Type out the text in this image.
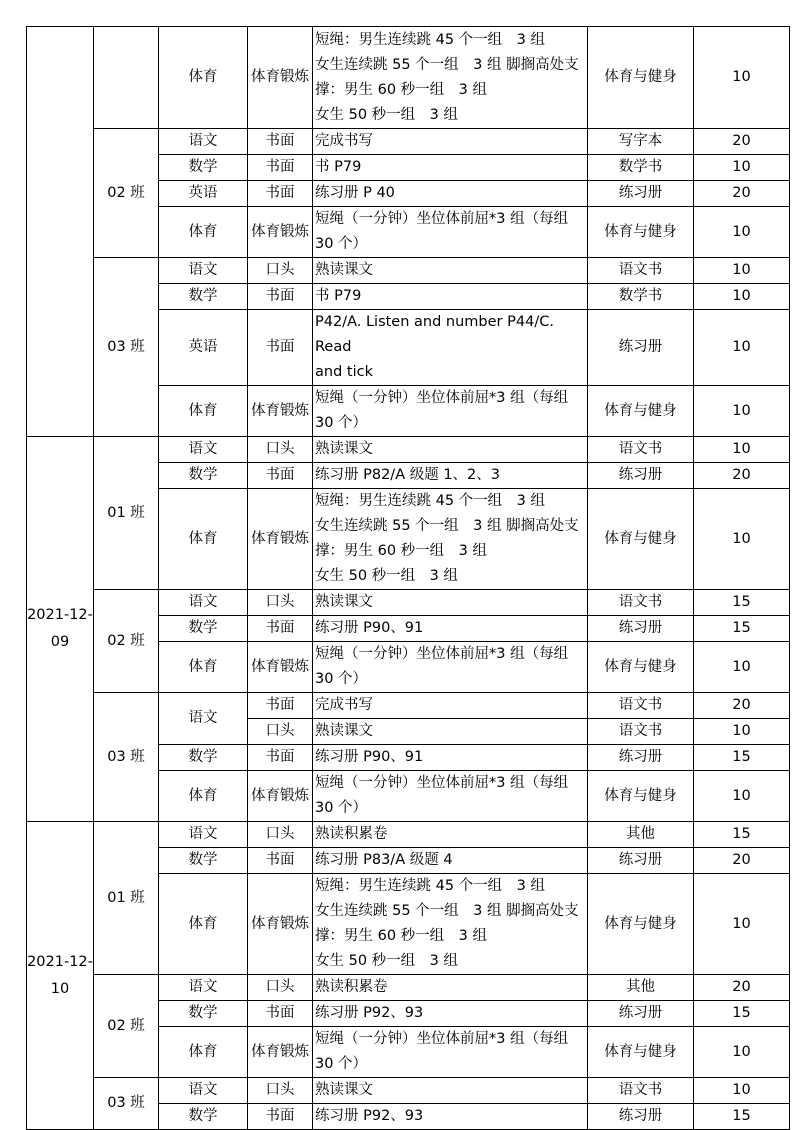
		体育	体育锻炼	短绳：男生连续跳 45 个一组　3 组
女生连续跳 55 个一组　3 组 脚搁高处支
撑：男生 60 秒一组　3 组
女生 50 秒一组　3 组	体育与健身	10
	02 班	语文	书面	完成书写	写字本	20
		数学	书面	书 P79	数学书	10
		英语	书面	练习册 P 40	练习册	20
		体育	体育锻炼	短绳（一分钟）坐位体前屈*3 组（每组
30 个）	体育与健身	10
	03 班	语文	口头	熟读课文	语文书	10
		数学	书面	书 P79	数学书	10
		英语	书面	P42/A. Listen and number P44/C. Read
and tick	练习册	10
		体育	体育锻炼	短绳（一分钟）坐位体前屈*3 组（每组
30 个）	体育与健身	10

2021-12-
09	01 班	语文	口头	熟读课文	语文书	10
		数学	书面	练习册 P82/A 级题 1、2、3	练习册	20
		体育	体育锻炼	短绳：男生连续跳 45 个一组　3 组
女生连续跳 55 个一组　3 组 脚搁高处支
撑：男生 60 秒一组　3 组
女生 50 秒一组　3 组	体育与健身	10
	02 班	语文	口头	熟读课文	语文书	15
		数学	书面	练习册 P90、91	练习册	15
		体育	体育锻炼	短绳（一分钟）坐位体前屈*3 组（每组
30 个）	体育与健身	10
	03 班	语文	书面	完成书写	语文书	20
			口头	熟读课文	语文书	10
		数学	书面	练习册 P90、91	练习册	15
		体育	体育锻炼	短绳（一分钟）坐位体前屈*3 组（每组
30 个）	体育与健身	10

2021-12-
10	01 班	语文	口头	熟读积累卷	其他	15
		数学	书面	练习册 P83/A 级题 4	练习册	20
		体育	体育锻炼	短绳：男生连续跳 45 个一组　3 组
女生连续跳 55 个一组　3 组 脚搁高处支
撑：男生 60 秒一组　3 组
女生 50 秒一组　3 组	体育与健身	10
	02 班	语文	口头	熟读积累卷	其他	20
		数学	书面	练习册 P92、93	练习册	15
		体育	体育锻炼	短绳（一分钟）坐位体前屈*3 组（每组
30 个）	体育与健身	10
	03 班	语文	口头	熟读课文	语文书	10
		数学	书面	练习册 P92、93	练习册	15
